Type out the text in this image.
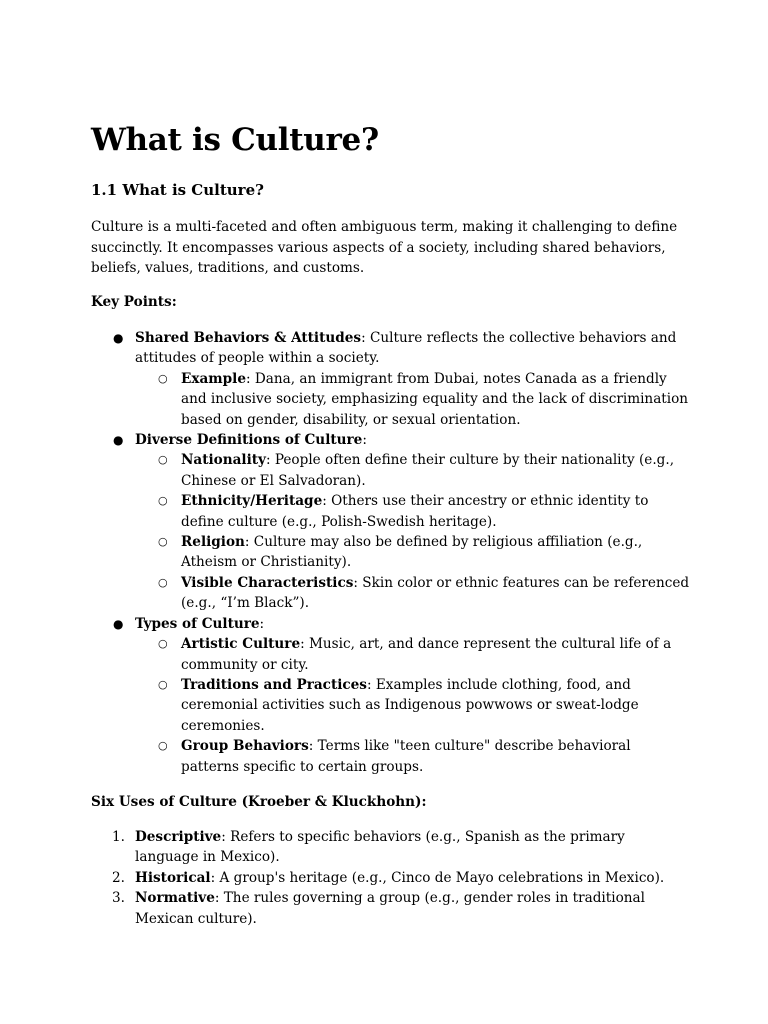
What is Culture?
1.1 What is Culture?

Culture is a multi-faceted and often ambiguous term, making it challenging to define succinctly. It encompasses various aspects of a society, including shared behaviors, beliefs, values, traditions, and customs.

Key Points:

● Shared Behaviors & Attitudes: Culture reflects the collective behaviors and attitudes of people within a society.
○ Example: Dana, an immigrant from Dubai, notes Canada as a friendly and inclusive society, emphasizing equality and the lack of discrimination based on gender, disability, or sexual orientation.
● Diverse Definitions of Culture:
○ Nationality: People often define their culture by their nationality (e.g., Chinese or El Salvadoran).
○ Ethnicity/Heritage: Others use their ancestry or ethnic identity to define culture (e.g., Polish-Swedish heritage).
○ Religion: Culture may also be defined by religious affiliation (e.g., Atheism or Christianity).
○ Visible Characteristics: Skin color or ethnic features can be referenced (e.g., “I’m Black”).
● Types of Culture:
○ Artistic Culture: Music, art, and dance represent the cultural life of a community or city.
○ Traditions and Practices: Examples include clothing, food, and ceremonial activities such as Indigenous powwows or sweat-lodge ceremonies.
○ Group Behaviors: Terms like "teen culture" describe behavioral patterns specific to certain groups.

Six Uses of Culture (Kroeber & Kluckhohn):

1. Descriptive: Refers to specific behaviors (e.g., Spanish as the primary language in Mexico).
2. Historical: A group's heritage (e.g., Cinco de Mayo celebrations in Mexico).
3. Normative: The rules governing a group (e.g., gender roles in traditional Mexican culture).
